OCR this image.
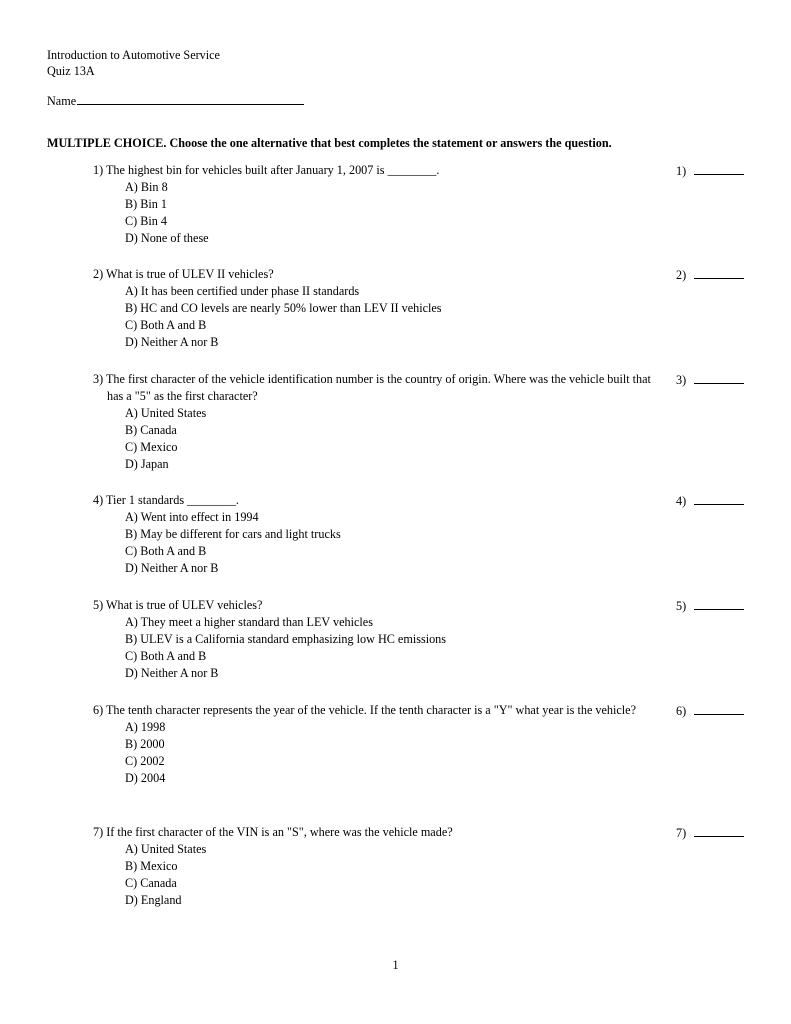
Introduction to Automotive Service
Quiz 13A
Name
MULTIPLE CHOICE. Choose the one alternative that best completes the statement or answers the question.
1) The highest bin for vehicles built after January 1, 2007 is ________.
A) Bin 8
B) Bin 1
C) Bin 4
D) None of these
1)
2) What is true of ULEV II vehicles?
A) It has been certified under phase II standards
B) HC and CO levels are nearly 50% lower than LEV II vehicles
C) Both A and B
D) Neither A nor B
2)
3) The first character of the vehicle identification number is the country of origin. Where was the vehicle built that has a "5" as the first character?
A) United States
B) Canada
C) Mexico
D) Japan
3)
4) Tier 1 standards ________.
A) Went into effect in 1994
B) May be different for cars and light trucks
C) Both A and B
D) Neither A nor B
4)
5) What is true of ULEV vehicles?
A) They meet a higher standard than LEV vehicles
B) ULEV is a California standard emphasizing low HC emissions
C) Both A and B
D) Neither A nor B
5)
6) The tenth character represents the year of the vehicle. If the tenth character is a "Y" what year is the vehicle?
A) 1998
B) 2000
C) 2002
D) 2004
6)
7) If the first character of the VIN is an "S", where was the vehicle made?
A) United States
B) Mexico
C) Canada
D) England
7)
1
